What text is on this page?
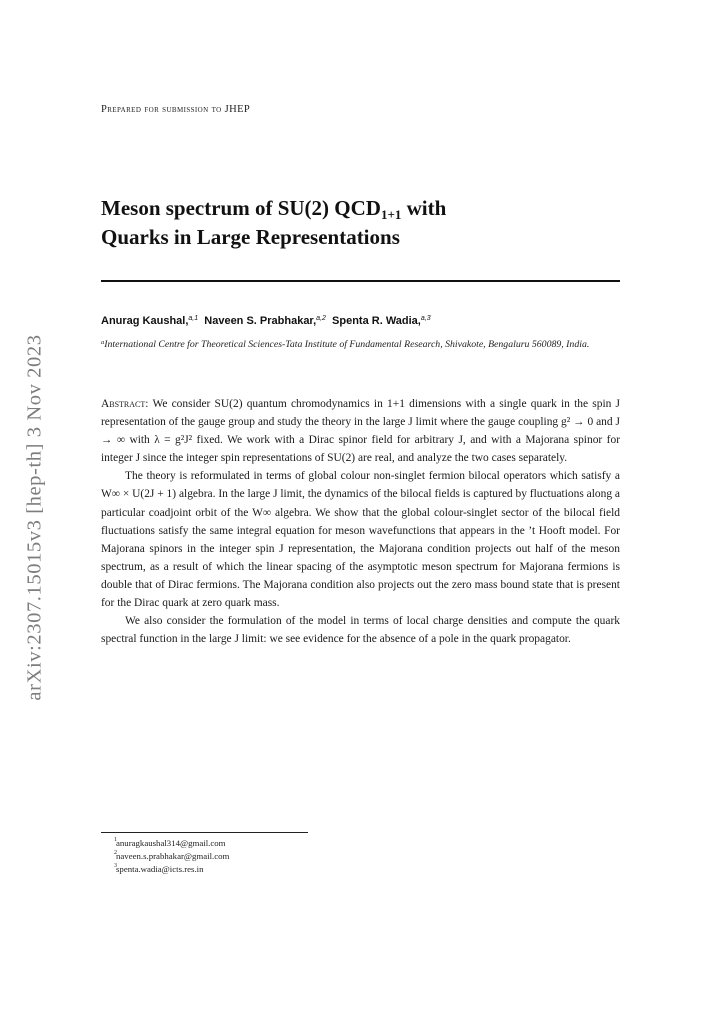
arXiv:2307.15015v3 [hep-th] 3 Nov 2023
Prepared for submission to JHEP
Meson spectrum of SU(2) $QCD_{1+1}$ with
Quarks in Large Representations
Anurag Kaushal,$^{a,1}$ Naveen S. Prabhakar,$^{a,2}$ Spenta R. Wadia,$^{a,3}$
$^a$International Centre for Theoretical Sciences-Tata Institute of Fundamental Research, Shivakote, Bengaluru 560089, India.

Abstract: We consider SU(2) quantum chromodynamics in 1+1 dimensions with a single quark in the spin J representation of the gauge group and study the theory in the large J limit where the gauge coupling g² → 0 and J → ∞ with λ = g²J² fixed. We work with a Dirac spinor field for arbitrary J, and with a Majorana spinor for integer J since the integer spin representations of SU(2) are real, and analyze the two cases separately.

The theory is reformulated in terms of global colour non-singlet fermion bilocal operators which satisfy a W∞ × U(2J + 1) algebra. In the large J limit, the dynamics of the bilocal fields is captured by fluctuations along a particular coadjoint orbit of the W∞ algebra. We show that the global colour-singlet sector of the bilocal field fluctuations satisfy the same integral equation for meson wavefunctions that appears in the ’t Hooft model. For Majorana spinors in the integer spin J representation, the Majorana condition projects out half of the meson spectrum, as a result of which the linear spacing of the asymptotic meson spectrum for Majorana fermions is double that of Dirac fermions. The Majorana condition also projects out the zero mass bound state that is present for the Dirac quark at zero quark mass.

We also consider the formulation of the model in terms of local charge densities and compute the quark spectral function in the large J limit: we see evidence for the absence of a pole in the quark propagator.

1 anuragkaushal314@gmail.com
2 naveen.s.prabhakar@gmail.com
3 spenta.wadia@icts.res.in
